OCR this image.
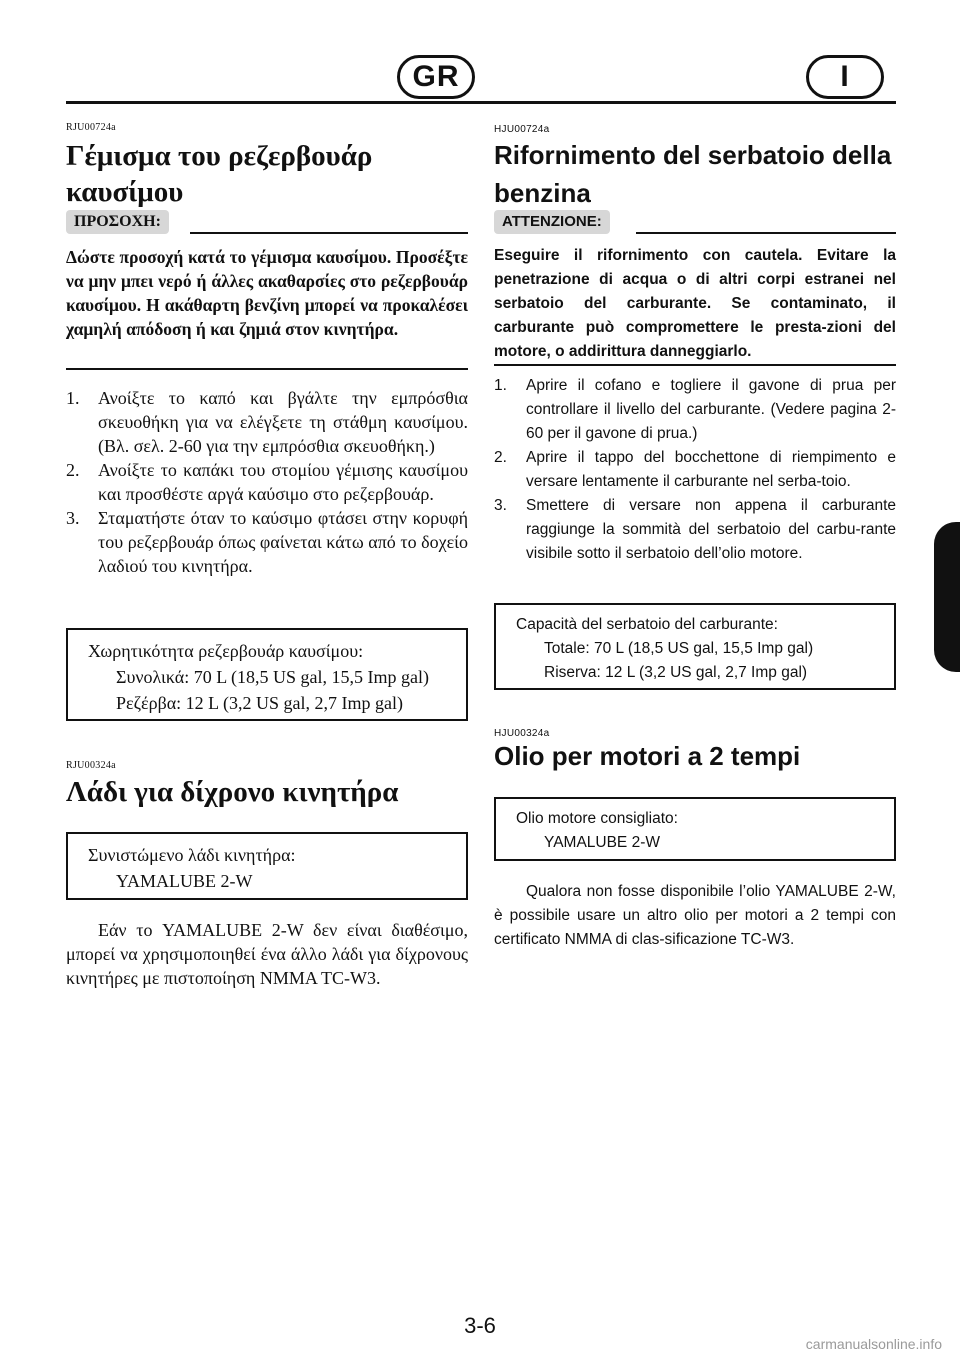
GR	I
RJU00724a
Γέμισμα του ρεζερβουάρ
καυσίμου
ΠΡΟΣΟΧΗ:

Δώστε προσοχή κατά το γέμισμα καυσίμου. Προσέξτε να μην μπει νερό ή άλλες ακαθαρσίες στο ρεζερβουάρ καυσίμου. Η ακάθαρτη βενζίνη μπορεί να προκαλέσει χαμηλή απόδοση ή και ζημιά στον κινητήρα.

1. Ανοίξτε το καπό και βγάλτε την εμπρόσθια σκευοθήκη για να ελέγξετε τη στάθμη καυσίμου. (Βλ. σελ. 2-60 για την εμπρόσθια σκευοθήκη.)
2. Ανοίξτε το καπάκι του στομίου γέμισης καυσίμου και προσθέστε αργά καύσιμο στο ρεζερβουάρ.
3. Σταματήστε όταν το καύσιμο φτάσει στην κορυφή του ρεζερβουάρ όπως φαίνεται κάτω από το δοχείο λαδιού του κινητήρα.
Χωρητικότητα ρεζερβουάρ καυσίμου:
Συνολικά: 70 L (18,5 US gal, 15,5 Imp gal)
Ρεζέρβα: 12 L (3,2 US gal, 2,7 Imp gal)
RJU00324a
Λάδι για δίχρονο κινητήρα
Συνιστώμενο λάδι κινητήρα:
YAMALUBE 2-W

Εάν το YAMALUBE 2-W δεν είναι διαθέσιμο, μπορεί να χρησιμοποιηθεί ένα άλλο λάδι για δίχρονους κινητήρες με πιστοποίηση NMMA TC-W3.

HJU00724a
Rifornimento del serbatoio della
benzina
ATTENZIONE:

Eseguire il rifornimento con cautela. Evitare la penetrazione di acqua o di altri corpi estranei nel serbatoio del carburante. Se contaminato, il carburante può compromettere le presta-zioni del motore, o addirittura danneggiarlo.

1. Aprire il cofano e togliere il gavone di prua per controllare il livello del carburante. (Vedere pagina 2-60 per il gavone di prua.)
2. Aprire il tappo del bocchettone di riempimento e versare lentamente il carburante nel serba-toio.
3. Smettere di versare non appena il carburante raggiunge la sommità del serbatoio del carbu-rante visibile sotto il serbatoio dell’olio motore.
Capacità del serbatoio del carburante:
Totale: 70 L (18,5 US gal, 15,5 Imp gal)
Riserva: 12 L (3,2 US gal, 2,7 Imp gal)
HJU00324a
Olio per motori a 2 tempi
Olio motore consigliato:
YAMALUBE 2-W

Qualora non fosse disponibile l’olio YAMALUBE 2-W, è possibile usare un altro olio per motori a 2 tempi con certificato NMMA di clas-sificazione TC-W3.

3-6
carmanualsonline.info
